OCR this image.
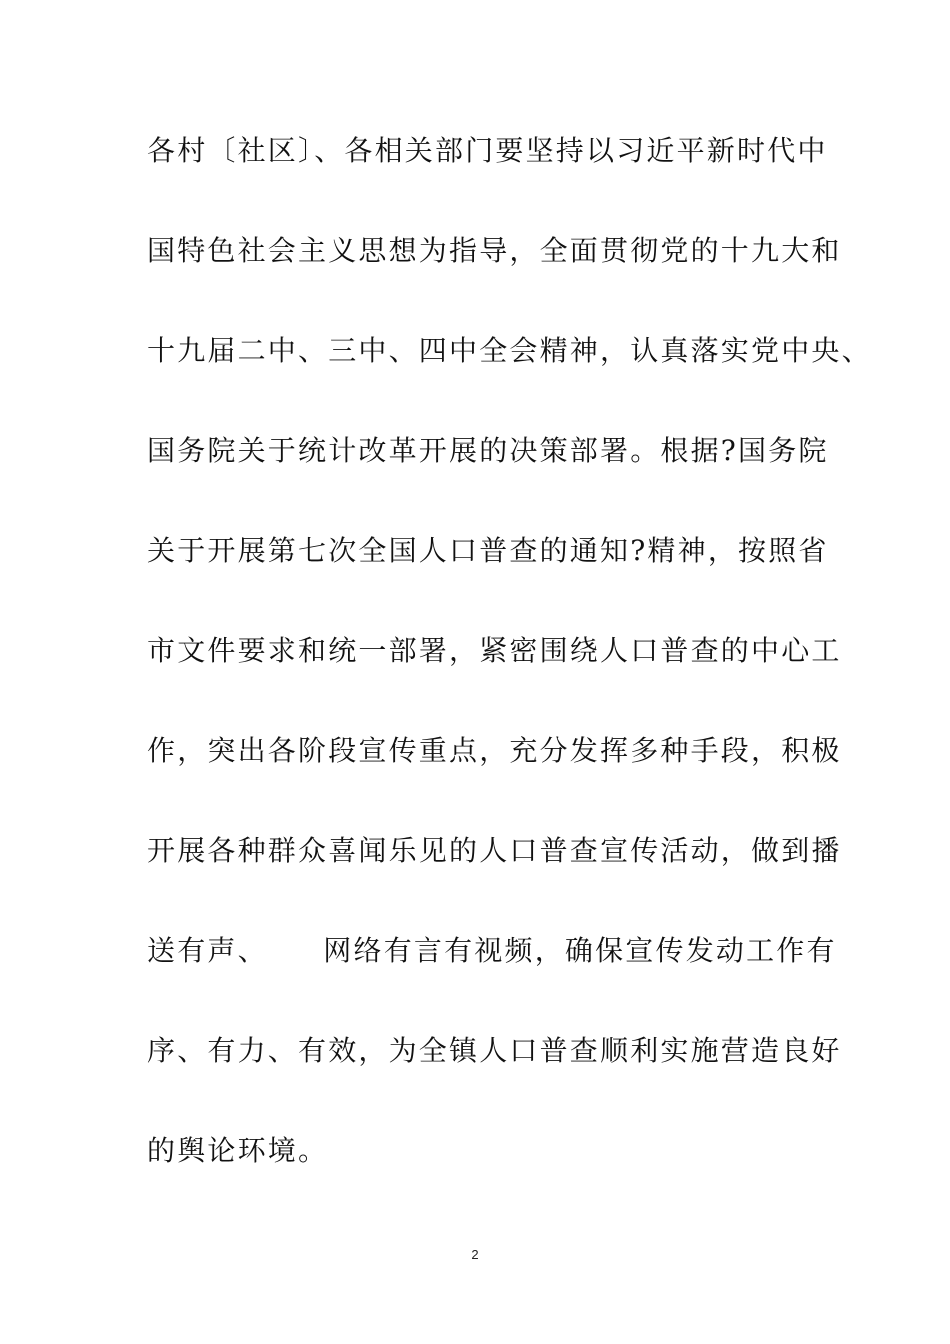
各村〔社区〕、各相关部门要坚持以习近平新时代中
国特色社会主义思想为指导，全面贯彻党的十九大和
十九届二中、三中、四中全会精神，认真落实党中央、
国务院关于统计改革开展的决策部署。根据?国务院
关于开展第七次全国人口普查的通知?精神，按照省
市文件要求和统一部署，紧密围绕人口普查的中心工
作，突出各阶段宣传重点，充分发挥多种手段，积极
开展各种群众喜闻乐见的人口普查宣传活动，做到播
送有声、     网络有言有视频，确保宣传发动工作有
序、有力、有效，为全镇人口普查顺利实施营造良好
的舆论环境。
2
